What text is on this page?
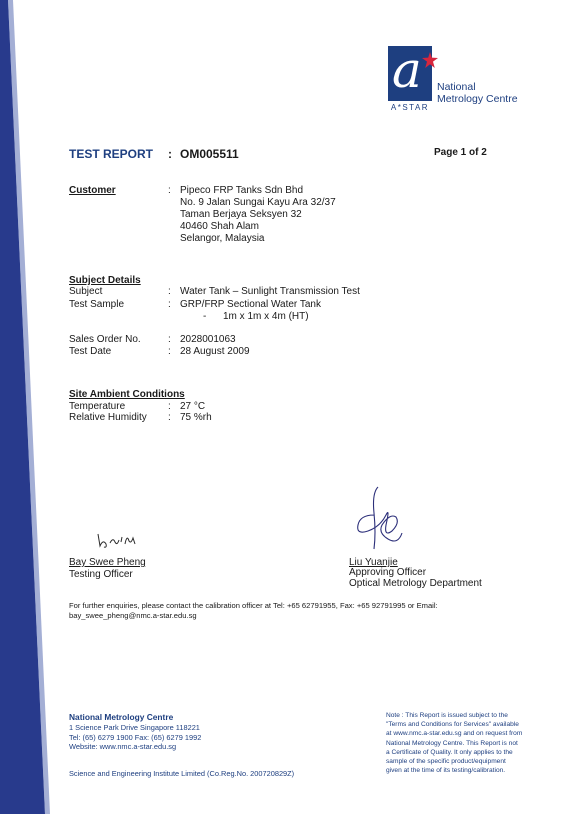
a
A*STAR
National
Metrology Centre
TEST REPORT : OM005511	Page 1 of 2
Customer	: Pipeco FRP Tanks Sdn Bhd
No. 9 Jalan Sungai Kayu Ara 32/37
Taman Berjaya Seksyen 32
40460 Shah Alam
Selangor, Malaysia
Subject Details
Subject	: Water Tank – Sunlight Transmission Test
Test Sample	: GRP/FRP Sectional Water Tank
- 1m x 1m x 4m (HT)
Sales Order No.	: 2028001063
Test Date	: 28 August 2009
Site Ambient Conditions
Temperature	: 27 °C
Relative Humidity : 75 %rh
Bay Swee Pheng
Testing Officer
Liu Yuanjie
Approving Officer
Optical Metrology Department
For further enquiries, please contact the calibration officer at Tel: +65 62791955, Fax: +65 92791995 or Email:
bay_swee_pheng@nmc.a-star.edu.sg
National Metrology Centre
1 Science Park Drive Singapore 118221
Tel: (65) 6279 1900 Fax: (65) 6279 1992
Website: www.nmc.a-star.edu.sg
Science and Engineering Institute Limited (Co.Reg.No. 200720829Z)
Note : This Report is issued subject to the
"Terms and Conditions for Services" available
at www.nmc.a-star.edu.sg and on request from
National Metrology Centre. This Report is not
a Certificate of Quality. It only applies to the
sample of the specific product/equipment
given at the time of its testing/calibration.
